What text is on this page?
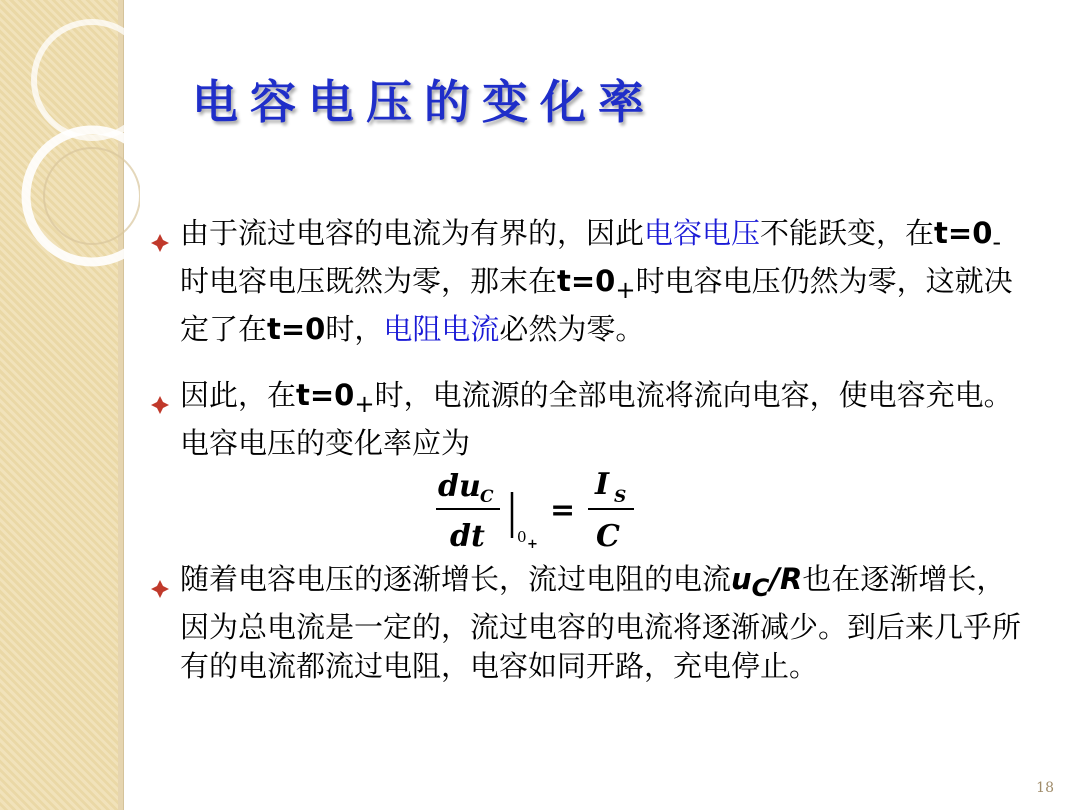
电容电压的变化率
由于流过电容的电流为有界的，因此电容电压不能跃变，在$t=0_-$时电容电压既然为零，那末在$t=0_+$时电容电压仍然为零，这就决定了在t=0时，电阻电流必然为零。
因此，在$t=0_+$时，电流源的全部电流将流向电容，使电容充电。电容电压的变化率应为
du C
dt 0 +
=
I S
C
随着电容电压的逐渐增长，流过电阻的电流$u_C/R$也在逐渐增长，因为总电流是一定的，流过电容的电流将逐渐减少。到后来几乎所有的电流都流过电阻，电容如同开路，充电停止。
18
